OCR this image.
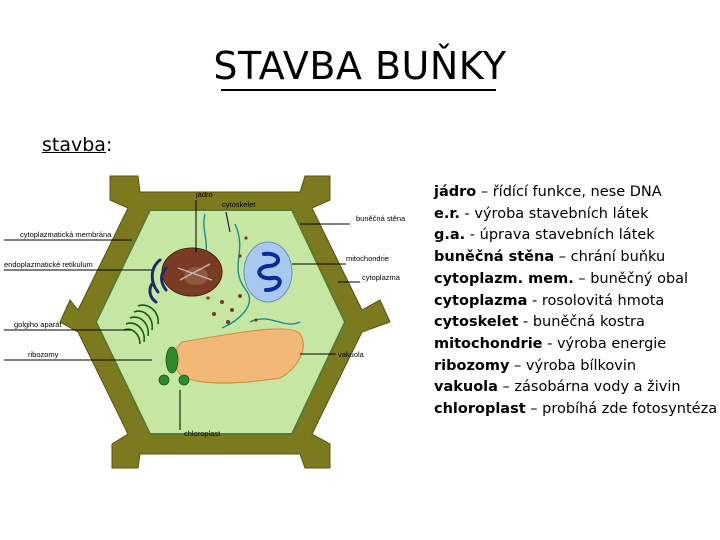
STAVBA BUŇKY
stavba:
jádro
cytoskelet
buněčná stěna
cytoplazmatická membrána
endoplazmatické retikulum
mitochondrie
cytoplazma
golgiho aparát
ribozomy	vakuola
chloroplast
jádro – řídící funkce, nese DNA
e.r. - výroba stavebních látek
g.a. - úprava stavebních látek
buněčná stěna – chrání buňku
cytoplazm. mem. – buněčný obal
cytoplazma - rosolovitá hmota
cytoskelet - buněčná kostra
mitochondrie - výroba energie
ribozomy – výroba bílkovin
vakuola – zásobárna vody a živin
chloroplast – probíhá zde fotosyntéza
